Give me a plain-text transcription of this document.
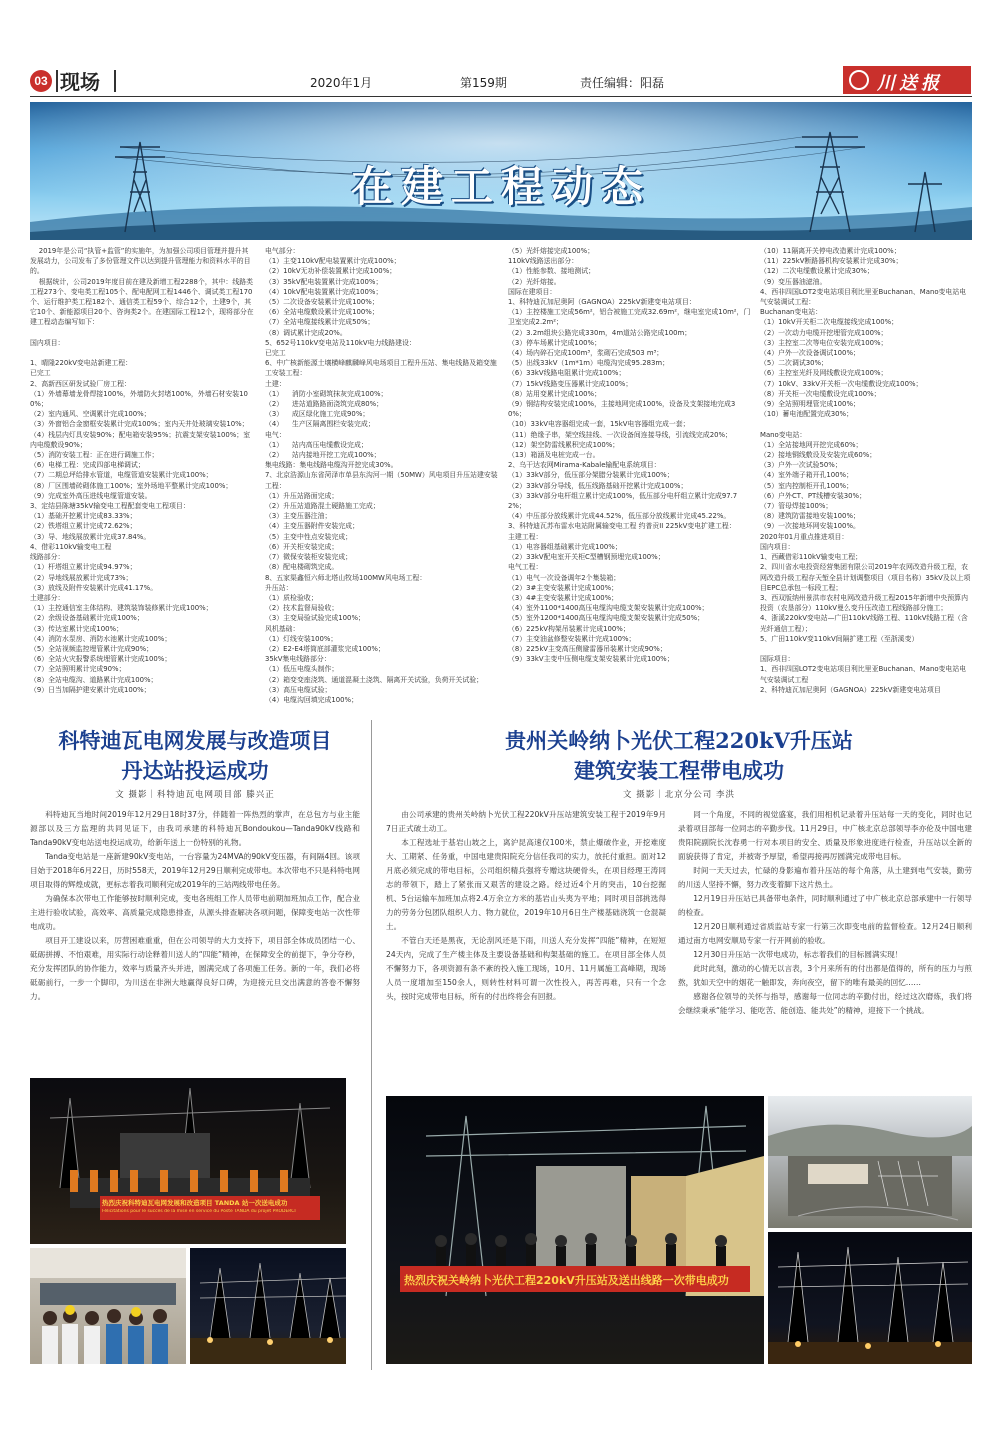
03 现场	2020年1月	第159期	责任编辑：阳磊	川送报
在建工程动态
2019年是公司“执管+监管”的实施年，为加强公司项目管理并提升其发展动力，公司发布了多份管理文件以达到提升管理能力和资料水平的目的。
根据统计，公司2019年度目前在建及新增工程2288个，其中：线路类工程273个、变电类工程105个、配电配网工程1446个、调试类工程170个、运行维护类工程182个、通信类工程59个、综合12个，土建9个，其它10个、新能源项目20个、咨询类2个。在建国际工程12个，现将部分在建工程动态编写如下：

国内项目：

1、晴隆220kV变电站新建工程：
已完工
2、高新西区研发试验厂房工程：
（1）外墙幕墙龙骨焊接100%，外墙防火封堵100%，外墙石材安装100%；
（2）室内通风、空调累计完成100%；
（3）外窗铝合金窗框安装累计完成100%；室内天井处玻璃安装10%；
（4）栈层内灯具安装90%；配电箱安装95%；抗震支架安装100%；室内电缆敷设90%；
（5）消防安装工程：正在进行调施工作；
（6）电梯工程：完成四部电梯调试；
（7）二期总坪给排水管道，电缆管道安装累计完成100%；
（8）厂区围墙砖砌体施工100%；室外场地平整累计完成100%；
（9）完成室外高压进线电缆管道安装。
3、定结县陈塘35kV输变电工程配套变电工程项目：
（1）基础开挖累计完成83.33%；
（2）铁塔组立累计完成72.62%；
（3）导、地线展放累计完成37.84%。
4、借彩110kV输变电工程
线路部分：
（1）杆塔组立累计完成94.97%；
（2）导地线展放累计完成73%；
（3）放线及附件安装累计完成41.17%。
土建部分：
（1）主控通信室主体结构、建筑装饰装修累计完成100%；
（2）余级设备基础累计完成100%；
（3）传达室累计完成100%；
（4）消防水泵房、消防水池累计完成100%；
（5）全站视频监控埋管累计完成90%；
（6）全站火灾报警系统埋管累计完成100%；
（7）全站照明累计完成90%；
（8）全站电缆沟、道路累计完成100%；
（9）日当加隔护建安累计完成100%；
电气部分：
（1）主变110kV配电装置累计完成100%；
（2）10kV无功补偿装置累计完成100%；
（3）35kV配电装置累计完成100%；
（4）10kV配电装置累计完成100%；
（5）二次设备安装累计完成100%；
（6）全站电缆敷设累计完成100%；
（7）全站电缆接线累计完成50%；
（8）调试累计完成20%。
5、652号110kV变电站及110kV电力线路建设：
已完工
6、中广核新能源土壤横峰麒麟峰风电场项目工程升压站、集电线路及箱变施工安装工程：
土建：
（1）    消防小室砌筑抹灰完成100%；
（2）    进站道路路面浇筑完成80%；
（3）    成区绿化施工完成90%；
（4）    生产区隔离围栏安装完成；
电气：
（1）    站内高压电缆敷设完成；
（2）    站内接地开挖工完成100%；
集电线路：集电线路电缆沟开挖完成30%。
7、北京浩源山东省菏泽市单县东沟河一期（50MW）风电项目升压站建安装工程：
（1）升压站路面完成；
（2）升压站道路混土硬路施工完成；
（3）主变压器注油；
（4）主变压器附件安装完成；
（5）主变中性点安装完成；
（6）开关柜安装完成；
（7）微保安装柜安装完成；
（8）配电楼砌筑完成。
8、五家渠鑫恒六师北塔山牧场100MW风电场工程：
升压站：
（1）质检验收；
（2）技术监督局验收；
（3）主变局验试验完成100%；
风机基础：
（1）灯线安装100%；
（2）E2-E4塔筒底部灌浆完成100%；
35kV集电线路部分：
（1）低压电缆头制作；
（2）箱变变座浇筑、通道混凝土浇筑、隔离开关试验，负荷开关试验；
（3）高压电缆试验；
（4）电缆沟回填完成100%；
（5）光纤熔接完成100%；
110kV线路送出部分：
（1）性能参数、接地测试；
（2）光纤熔接。
国际在建项目：
1、科特迪瓦加尼奥阿（GAGNOA）225kV新建变电站项目：
（1）主控楼施工完成56m²，铝合被施工完成32.69m²，继电室完成10m²，门卫室完成2.2m²；
（2）3.2m组块公路完成330m，4m道站公路完成100m；
（3）停车场累计完成100%；
（4）场内碎石完成100m³，浆砌石完成503 m³；
（5）出线33kV（1m*1m）电缆沟完成95.283m；
（6）33kV线路电阻累计完成100%；
（7）15kV线路变压器累计完成100%；
（8）站用变累计完成100%；
（9）钢结构安装完成100%，主接地网完成100%，设备及支架接地完成30%；
（10）33kV电容器组完成一套，15kV电容器组完成一套；
（11）绝缘子串，架空线挂线、一次设备间连接导线，引流线完成20%；
（12）架空防雷线累积完成100%；
（13）箱涵及电桩完成一台。
2、乌干达农网Mirama-Kabale输配电系统项目：
（1）33kV部分，低压部分架腊分装累计完成100%；
（2）33kV部分导线，低压线路基础开挖累计完成100%；
（3）33kV部分电杆组立累计完成100%，低压部分电杆组立累计完成97.72%；
（4）中压部分放线累计完成44.52%，低压部分放线累计完成45.22%。
3、科特迪瓦苏布雷水电站附属输变电工程 约普贡II 225kV变电扩建工程：
主建工程：
（1）电容器组基础累计完成100%；
（2）33kV配电室开关柜C型槽钢预埋完成100%；
电气工程：
（1）电气一次设备调年2个集装箱；
（2）3#主变安装累计完成100%；
（3）4#主变安装累计完成100%；
（4）室外1100*1400高压电缆沟电缆支架安装累计完成100%；
（5）室外1200*1400高压电缆沟电缆支架安装累计完成50%；
（6）225kV构架吊装累计完成100%；
（7）主变油盆修整安装累计完成100%；
（8）225kV主变高压侧避雷器吊装累计完成90%；
（9）33kV主变中压侧电缆支架安装累计完成100%；
（10）11隔离开关停电改造累计完成100%；
（11）225kV断路器机构安装累计完成30%；
（12）二次电缆敷设累计完成30%；
（9）变压器油滤油。
4、西非四国LOT2变电站项目利比里亚Buchanan、Mano变电站电气安装调试工程：
Buchanan变电站：
（1）10kV开关柜二次电缆接线完成100%；
（2）一次动力电缆开挖埋管完成100%；
（3）主控室二次等电位安装完成100%；
（4）户外一次设备调试100%；
（5）二次调试30%；
（6）主控室光纤及网线敷设完成100%；
（7）10kV、33kV开关柜一次电缆敷设完成100%；
（8）开关柜一次电缆敷设完成100%；
（9）全站照明埋管完成100%；
（10）蓄电池配置完成30%；

Mano变电站：
（1）全站接地网开挖完成60%；
（2）接地铜线敷设及安装完成60%；
（3）户外一次试验50%；
（4）室外端子箱开孔100%；
（5）室内控制柜开孔100%；
（6）户外CT、PT线槽安装30%；
（7）管母焊接100%；
（8）建筑防雷接地安装100%；
（9）一次接地环网安装100%。
2020年01月重点推进项目：
国内项目：
1、西藏借彩110kV输变电工程；
2、四川省水电投资经营集团有限公司2019年农网改造升级工程，农网改造升级工程存天堑全县计划调整项目（项目名称）35kV及以上项目EPC总承包一标段工程；
3、西双版纳州景洪市农村电网改造升级工程2015年新增中央预算内投资（农垦部分）110kV曼么变升压改造工程线路部分施工；
4、浙溪220kV变电站—广田110kV线路工程、110kV线路工程（含光纤通信工程）；
5、广田110kV变110kV间隔扩建工程（至浙溪变）

国际项目：
1、西非四国LOT2变电站项目利比里亚Buchanan、Mano变电站电气安装调试工程
2、科特迪瓦加尼奥阿（GAGNOA）225kV新建变电站项目
科特迪瓦电网发展与改造项目
丹达站投运成功
文 摄影｜科特迪瓦电网项目部 滕兴正

科特迪瓦当地时间2019年12月29日18时37分，伴随着一阵热烈的掌声，在总包方与业主能源部以及三方监理的共同见证下，由我司承建的科特迪瓦Bondoukou—Tanda90kV线路和Tanda90kV变电站送电投运成功，给新年送上一份特别的礼物。

Tanda变电站是一座新建90kV变电站，一台容量为24MVA的90kV变压器，有间隔4回。该项目始于2018年6月22日，历时558天，2019年12月29日顺利完成带电。本次带电不只是科特电网项目取得的辉煌成就，更标志着我司顺利完成2019年的三站两线带电任务。

为确保本次带电工作能够按时顺利完成，变电各班组工作人员带电前期加班加点工作，配合业主进行验收试验，高效率、高质量完成隐患排查，从源头排查解决各项问题，保障变电站一次性带电成功。

项目开工建设以来，厉营困难重重，但在公司领导的大力支持下，项目部全体成员团结一心、砥砺拼搏、不怕艰难，用实际行动诠释着川送人的“四能”精神，在保障安全的前提下，争分夺秒，充分发挥团队的协作能力，效率与质量齐头并进，圆满完成了各项施工任务。新的一年，我们必将砥砺前行，一步一个脚印，为川送在非洲大地赢得良好口碑，为迎接元旦交出满意的答卷不懈努力。

热烈庆祝科特迪瓦电网发展和改造项目 TANDA 站一次送电成功
Félicitations pour le succès de la mise en service du Poste TANDA du projet PRODERCI
贵州关岭纳卜光伏工程220kV升压站
建筑安装工程带电成功
文 摄影｜北京分公司 李洪

由公司承建的贵州关岭纳卜光伏工程220kV升压站建筑安装工程于2019年9月7日正式破土动工。

本工程选址于基岩山坡之上，离沪昆高速仅100米，禁止爆破作业，开挖难度大、工期紧、任务重，中国电建贵阳院充分信任我司的实力，放托付重担。面对12月底必须完成的带电目标，公司组织精兵强将专赠这块硬骨头，在项目经理王涛同志的带领下，踏上了紧张而又艰苦的建设之路。经过近4个月的突击，10台挖掘机、5台运输车加班加点将2.4万余立方米的基岩山头夷为平地；同时项目部挑选得力的劳务分包团队组织人力、物力就位，2019年10月6日生产楼基础浇筑一仓混凝土。

不管白天还是黑夜，无论刮风还是下雨，川送人充分发挥“四能”精神，在短短24天内，完成了生产楼主体及主要设备基础和构架基础的施工。在项目部全体人员不懈努力下，各项资源有条不紊的投入施工现场，10月、11月属施工高峰期，现场人员一度增加至150余人，则转性材料可谓一次性投入，再苦再难，只有一个念头，按时完成带电目标，所有的付出终将会有回报。

同一个角度，不同的视觉盛宴，我们用相机记录着升压站每一天的变化，同时也记录着项目部每一位同志的辛勤步伐。11月29日，中广核北京总部领导李亦伦及中国电建贵阳院副院长沈春勇一行对本项目的安全、质量及形象进度进行检查，升压站以全新的面貌获得了肯定，并被寄予厚望，希望再接再厉圆满完成带电目标。

时间一天天过去，忙碌的身影遍布着升压站的每个角落，从土建到电气安装，勤劳的川送人坚持不懈，努力改变着脚下这片热土。

12月19日升压站已具备带电条件，同时顺利通过了中广核北京总部承建中一行领导的检查。

12月20日顺利通过省质监站专家一行第三次即变电前的监督检查。12月24日顺利通过南方电网安顺局专家一行开网前的验收。

12月30日升压站一次带电成功，标志着我们的目标圆满实现！

此时此刻，激动的心情无以言表，3个月来所有的付出都是值得的，所有的压力与煎熬，犹如天空中的烟花一触即发，奔向夜空，留下的唯有最美的回忆……

感谢各位领导的关怀与指导，感谢每一位同志的辛勤付出，经过这次磨炼，我们将会继续秉承“能学习、能吃苦、能创造、能共处”的精神，迎接下一个挑战。

热烈庆祝关岭纳卜光伏工程220kV升压站及送出线路一次带电成功
